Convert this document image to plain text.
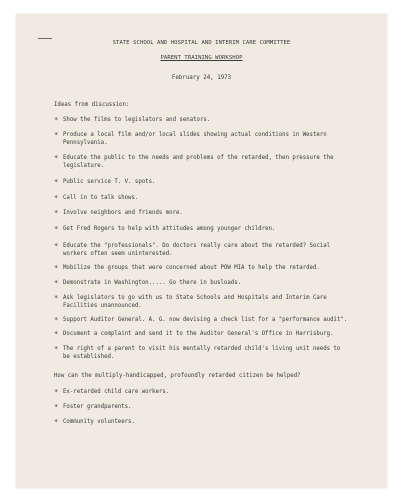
STATE SCHOOL AND HOSPITAL AND INTERIM CARE COMMITTEE
PARENT TRAINING WORKSHOP
February 24, 1973
Ideas from discussion:
* Show the films to legislators and senators.
* Produce a local film and/or local slides showing actual conditions in Western
Pennsylvania.
* Educate the public to the needs and problems of the retarded, then pressure the
legislature.
* Public service T. V. spots.
* Call in to talk shows.
* Involve neighbors and friends more.
* Get Fred Rogers to help with attitudes among younger children.
* Educate the "professionals". Do doctors really care about the retarded? Social
workers often seem uninterested.
* Mobilize the groups that were concerned about POW MIA to help the retarded.
* Demonstrate in Washington..... Go there in busloads.
* Ask legislators to go with us to State Schools and Hospitals and Interim Care
Facilities unannounced.
* Support Auditor General. A. G. now devising a check list for a "performance audit".
* Document a complaint and send it to the Auditor General's Office in Harrisburg.
* The right of a parent to visit his mentally retarded child's living unit needs to
be established.
How can the multiply-handicapped, profoundly retarded citizen be helped?
* Ex-retarded child care workers.
* Foster grandparents.
* Community volunteers.
